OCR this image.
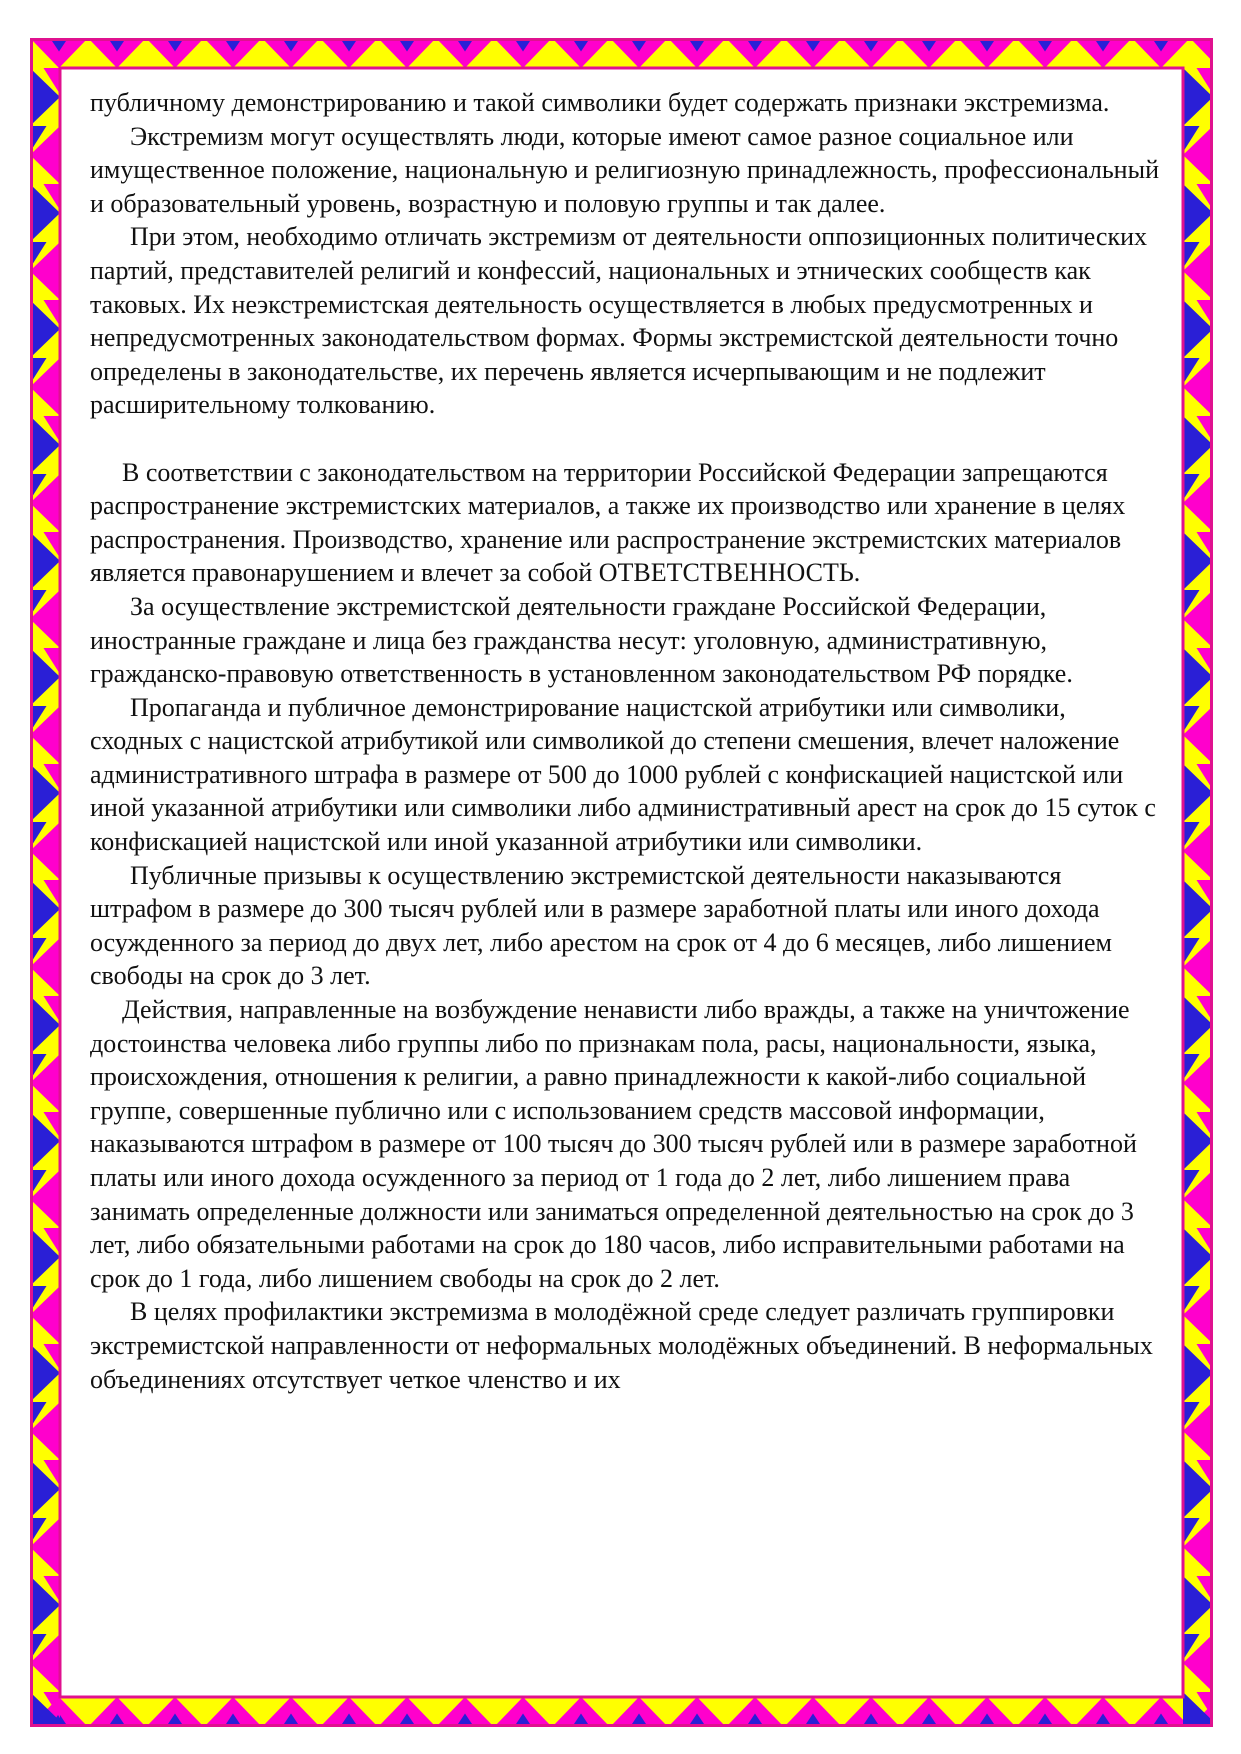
публичному демонстрированию и такой символики будет содержать признаки экстремизма.

Экстремизм могут осуществлять люди, которые имеют самое разное социальное или имущественное положение, национальную и религиозную принадлежность, профессиональный и образовательный уровень, возрастную и половую группы и так далее.

При этом, необходимо отличать экстремизм от деятельности оппозиционных политических партий, представителей религий и конфессий, национальных и этнических сообществ как таковых. Их неэкстремистская деятельность осуществляется в любых предусмотренных и непредусмотренных законодательством формах. Формы экстремистской деятельности точно определены в законодательстве, их перечень является исчерпывающим и не подлежит расширительному толкованию.

В соответствии с законодательством на территории Российской Федерации запрещаются распространение экстремистских материалов, а также их производство или хранение в целях распространения. Производство, хранение или распространение экстремистских материалов является правонарушением и влечет за собой ОТВЕТСТВЕННОСТЬ.

За осуществление экстремистской деятельности граждане Российской Федерации, иностранные граждане и лица без гражданства несут: уголовную, административную, гражданско-правовую ответственность в установленном законодательством РФ порядке.

Пропаганда и публичное демонстрирование нацистской атрибутики или символики, сходных с нацистской атрибутикой или символикой до степени смешения, влечет наложение административного штрафа в размере от 500 до 1000 рублей с конфискацией нацистской или иной указанной атрибутики или символики либо административный арест на срок до 15 суток с конфискацией нацистской или иной указанной атрибутики или символики.

Публичные призывы к осуществлению экстремистской деятельности наказываются штрафом в размере до 300 тысяч рублей или в размере заработной платы или иного дохода осужденного за период до двух лет, либо арестом на срок от 4 до 6 месяцев, либо лишением свободы на срок до 3 лет.

Действия, направленные на возбуждение ненависти либо вражды, а также на уничтожение достоинства человека либо группы либо по признакам пола, расы, национальности, языка, происхождения, отношения к религии, а равно принадлежности к какой-либо социальной группе, совершенные публично или с использованием средств массовой информации, наказываются штрафом в размере от 100 тысяч до 300 тысяч рублей или в размере заработной платы или иного дохода осужденного за период от 1 года до 2 лет, либо лишением права занимать определенные должности или заниматься определенной деятельностью на срок до 3 лет, либо обязательными работами на срок до 180 часов, либо исправительными работами на срок до 1 года, либо лишением свободы на срок до 2 лет.

В целях профилактики экстремизма в молодёжной среде следует различать группировки экстремистской направленности от неформальных молодёжных объединений. В неформальных объединениях отсутствует четкое членство и их
